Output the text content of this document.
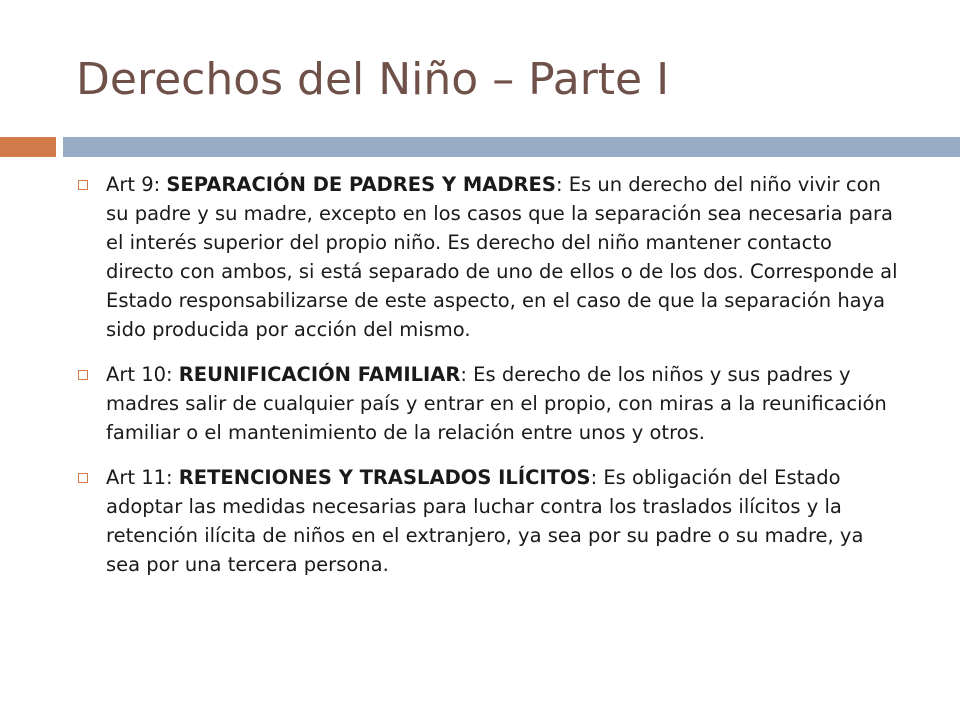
Derechos del Niño – Parte I
Art 9: SEPARACIÓN DE PADRES Y MADRES: Es un derecho del niño vivir con su padre y su madre, excepto en los casos que la separación sea necesaria para el interés superior del propio niño. Es derecho del niño mantener contacto directo con ambos, si está separado de uno de ellos o de los dos. Corresponde al Estado responsabilizarse de este aspecto, en el caso de que la separación haya sido producida por acción del mismo.
Art 10: REUNIFICACIÓN FAMILIAR: Es derecho de los niños y sus padres y madres salir de cualquier país y entrar en el propio, con miras a la reunificación familiar o el mantenimiento de la relación entre unos y otros.
Art 11: RETENCIONES Y TRASLADOS ILÍCITOS: Es obligación del Estado adoptar las medidas necesarias para luchar contra los traslados ilícitos y la retención ilícita de niños en el extranjero, ya sea por su padre o su madre, ya sea por una tercera persona.
